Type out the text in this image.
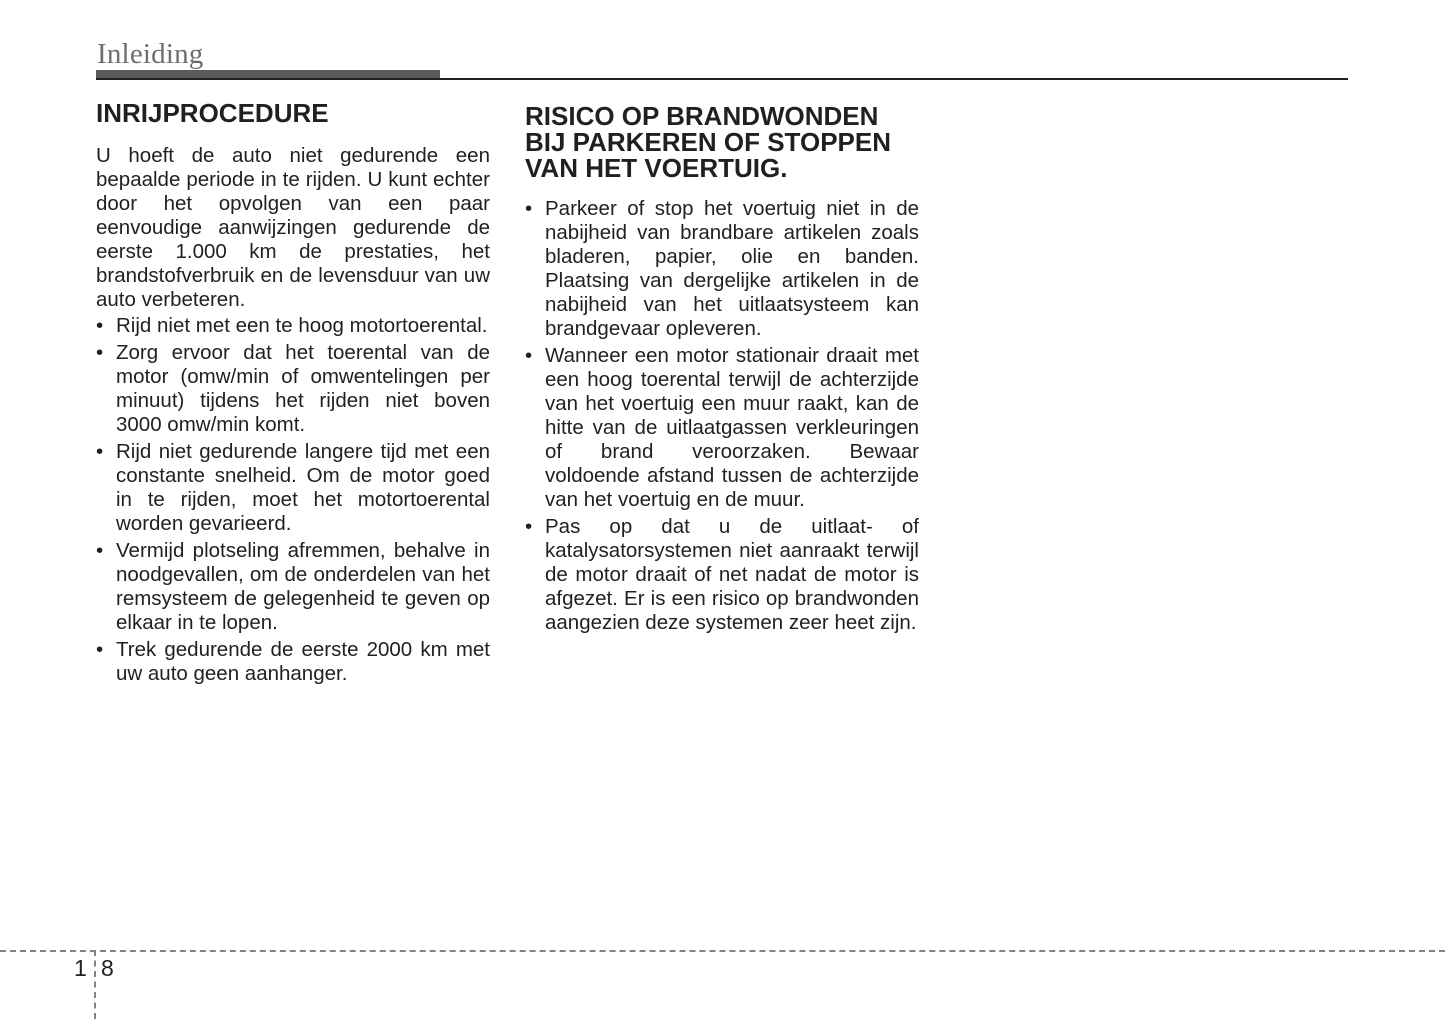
Inleiding
INRIJPROCEDURE

U hoeft de auto niet gedurende een bepaalde periode in te rijden. U kunt echter door het opvolgen van een paar eenvoudige aanwijzingen gedurende de eerste 1.000 km de prestaties, het brandstofverbruik en de levensduur van uw auto verbeteren.

• Rijd niet met een te hoog motortoerental.
• Zorg ervoor dat het toerental van de motor (omw/min of omwentelingen per minuut) tijdens het rijden niet boven 3000 omw/min komt.
• Rijd niet gedurende langere tijd met een constante snelheid. Om de motor goed in te rijden, moet het motortoerental worden gevarieerd.
• Vermijd plotseling afremmen, behalve in noodgevallen, om de onderdelen van het remsysteem de gelegenheid te geven op elkaar in te lopen.
• Trek gedurende de eerste 2000 km met uw auto geen aanhanger.
RISICO OP BRANDWONDEN
BIJ PARKEREN OF STOPPEN
VAN HET VOERTUIG.
• Parkeer of stop het voertuig niet in de nabijheid van brandbare artikelen zoals bladeren, papier, olie en banden. Plaatsing van dergelijke artikelen in de nabijheid van het uitlaatsysteem kan brandgevaar opleveren.
• Wanneer een motor stationair draait met een hoog toerental terwijl de achterzijde van het voertuig een muur raakt, kan de hitte van de uitlaatgassen verkleuringen of brand veroorzaken. Bewaar voldoende afstand tussen de achterzijde van het voertuig en de muur.
• Pas op dat u de uitlaat- of katalysatorsystemen niet aanraakt terwijl de motor draait of net nadat de motor is afgezet. Er is een risico op brandwonden aangezien deze systemen zeer heet zijn.
1 8
